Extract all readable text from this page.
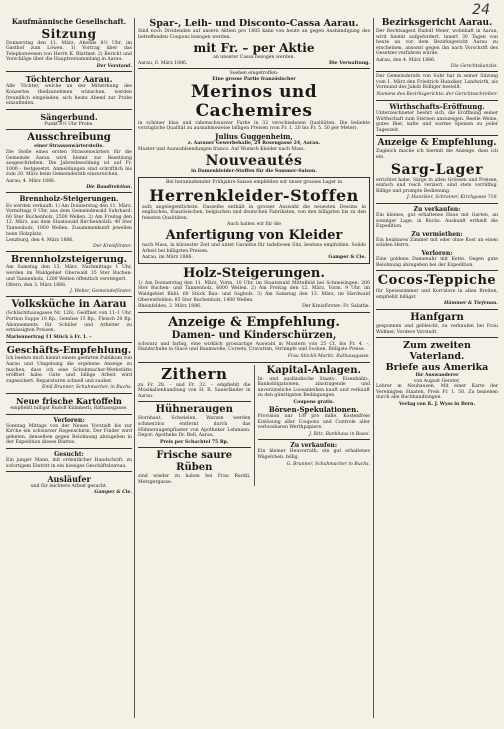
24
Kaufmännische Gesellschaft.
Sitzung

Donnerstag den 11. März, Abends 8½ Uhr, im Gasthof zum Löwen. 1) Vortrag über das Telephonwesen von Herrn K. Blattner. 2) Bericht und Vorschläge über die Hauptversammlung in Aarau.

Der Vorstand.
Töchterchor Aarau.

Alle Töchter, welche an der Mitwirkung des Konzertes theilzunehmen wünschen, werden freundlich eingeladen, sich heute Abend zur Probe einzufinden.

Sängerbund.
Punkt 8½ Uhr Probe.
Ausschreibung
einer Strassenwärterstelle.

Die Stelle eines ersten Strassenwärters für die Gemeinde Aarau wird hiemit zur Besetzung ausgeschrieben. Die Jahresbesoldung ist auf Fr. 1000.– festgesetzt. Anmeldungen sind schriftlich bis zum 20. März beim Gemeinderath einzureichen.

Aarau, 4. März 1886.
Die Baudirektion.
Brennholz-Steigerungen.

Es werden verkauft: 1) Am Donnerstag den 11. März, Vormittags 9 Uhr, aus dem Gemeindewald Suhrhard: 60 Ster Buchenholz, 2500 Wellen. 2) Am Freitag den 12. März, aus dem Staatswald Birchenhölzli: 40 Ster Tannenholz, 1800 Wellen. Zusammenkunft jeweilen beim Holzplatz.

Lenzburg, den 4. März 1886.
Der Kreisförster.
Brennholzsteigerung.

Am Samstag den 13. März, Nachmittags 1 Uhr, werden im Waldgebiet Oberwald 35 Ster Buchen- und Tannenholz, 1200 Wellen öffentlich versteigert.

Oltern, den 3. März 1886.
J. Weber, Gemeindeförster.
Volksküche in Aarau

(Schlachthausgasse Nr. 126). Geöffnet von 11–1 Uhr. Portion Suppe 10 Rp., Gemüse 15 Rp., Fleisch 20 Rp. Abonnements für Schüler und Arbeiter zu ermässigten Preisen.

Mariennertrag 11 Stück à Fr. 1. –
Geschäfts-Empfehlung.

Ich beehre mich hiemit einem geehrten Publikum von Aarau und Umgebung die ergebene Anzeige zu machen, dass ich eine Schuhmacher-Werkstätte eröffnet habe. Gute und billige Arbeit wird zugesichert. Reparaturen schnell und sauber.

Emil Brunner, Schuhmacher, in Buchs.
Neue frische Kartoffeln
empfiehlt billigst Rudolf Kümmerli, Rathausgasse.
Verloren:

Sonntag Mittags von der Neuen Vorstadt bis zur Kirche ein schwarzer Regenschirm. Der Finder wird gebeten, denselben gegen Belohnung abzugeben in der Expedition dieses Blattes.

Gesucht:

Ein junger Mann, mit ordentlicher Handschrift, zu sofortigem Eintritt in ein hiesiges Geschäftsbureau.

Ausläufer
und für leichtere Arbeit gesucht.
Gamper & Cie.
Spar-, Leih- und Disconto-Cassa Aarau.

Sind noch Dividenden auf unsern Aktien pro 1885 kann von heute an gegen Aushändigung des betreffenden Coupons bezogen werden.

mit Fr. – per Aktie
an unserer Cassa bezogen werden.
Aarau, 6. März 1886.	Die Verwaltung.
Soeben eingetroffen:
Eine grosse Partie französischer
Merinos und Cachemires

in schöner blau und rabenschwarzer Farbe in 32 verschiedenen Qualitäten. Die beliebte vorzügliche Qualität zu ausnahmsweise billigen Preisen (von Fr. 1. 20 bis Fr. 5. 50 per Meter).

Julius Guggenheim,
z. Aarauer Gewerbehalle, 24 Rosengasse 24, Aarau.

Muster und Auswahlsendungen franco. Auf Wunsch Kleider nach Mass.

Nouveautés
in Damenkleider-Stoffen für die Sommer-Saison.
Bei herannahender Frühjahrs-Saison empfehlen wir unser grosses Lager in
Herrenkleider-Stoffen

aufs angelegentlichste. Dasselbe enthält in grosser Auswahl die neuesten Dessins in englischen, französischen, belgischen und deutschen Fabrikaten, von den billigsten bis zu den feinsten Qualitäten.

Auch halten wir für die
Anfertigung von Kleider

nach Mass, in kürzester Zeit und unter Garantie für tadellosen Sitz, bestens empfohlen. Solide Arbeit bei billigsten Preisen.

Aarau, im März 1886.	Gamper & Cie.
Holz-Steigerungen.

1) Am Donnerstag den 11. März, Vorm. 10 Uhr, im Staatswald Mittelfeld bei Schneisingen: 200 Ster Buchen- und Tannenholz, 6000 Wellen. 2) Am Freitag den 12. März, Vorm. 9 Uhr, im Waldgebiet Bühl: 60 Stück Bau- und Sagholz. 3) Am Samstag den 13. März, im Hardwald Oberentfelden: 85 Ster Buchenholz, 1400 Wellen.

Rheinfelden, 2. März 1886.	Der Kreisförster: Fr. Salathe.
Anzeige & Empfehlung.
Damen- und Kinderschürzen,

schwarz und farbig, eine wirklich grossartige Auswahl in Mustern von 25 Ct. bis Fr. 4. –, Handschuhe in Glacé und Baumwolle, Corsets, Cravatten, Strümpfe und Socken. Billigste Preise.

Frau Stöckli-Maritz, Rathausgasse.
Zithern

zu Fr. 28. – und Fr. 32. – empfiehlt die Musikalienhandlung von H. R. Sauerländer in Aarau.

Hühneraugen

Hornhaut, Schwielen, Warzen werden schmerzlos entfernt durch das Hühneraugenpflaster von Apotheker Lehmann. Depot: Apotheke Dr. Bell, Aarau.

Preis per Schachtel 75 Rp.
Frische saure Rüben

sind wieder zu haben bei Frau Ruckli, Metzgergasse.

Kapital-Anlagen.

In- und ausländische Staats-, Eisenbahn-, Bankobligationen, zinstragende und unverzinsliche Loosanleihen kauft und verkauft zu den günstigsten Bedingungen

Coupons gratis.
Börsen-Spekulationen.

Provision nur 1/8 pro mille. Kostenfreie Einlösung aller Coupons und Controle aller verloosbaren Werthpapiere.

J. Ritz, Bankhaus in Basel.
Zu verkaufen:

Ein kleiner Heuvorrath, ein gut erhaltenes Wägelchen, billig.

G. Brunner, Schuhmacher in Buchs.
Bezirksgericht Aarau.

Der Rechtsagent Rudolf Meier, wohnhaft in Aarau, wird hiemit aufgefordert, innert 30 Tagen von heute an vor dem Bezirksgericht Aarau zu erscheinen, ansonst gegen ihn nach Vorschrift des Gesetzes verfahren würde.

Aarau, den 4. März 1886.
Die Gerichtskanzlei.

Der Gemeinderath von Suhr hat in seiner Sitzung vom 1. März den Friedrich Hunziker, Landwirth, als Vormund des Jakob Bolliger bestellt.

Namens des Bezirksgerichts: der Gerichtsschreiber.
Wirthschafts-Eröffnung.

Unterzeichneter beehrt sich, die Eröffnung seiner Wirthschaft zum Sternen anzuzeigen. Reelle Weine, gutes Bier, kalte und warme Speisen zu jeder Tageszeit.

Anzeige & Empfehlung.

Zugleich mache ich hiermit die Anzeige, dass ich ein

Sarg-Lager

errichtet habe. Särge in allen Grössen und Preisen, einfach und reich verziert, sind stets vorräthig. Billige und prompte Bedienung.

J. Hunziker, Schreiner, Kirchgasse 716.
Zu verkaufen:

Ein kleines, gut erhaltenes Haus mit Garten, an sonniger Lage, in Buchs. Auskunft ertheilt die Expedition.

Zu vermiethen:

Ein heizbares Zimmer mit oder ohne Kost an einen soliden Herrn.

Verloren:

Eine goldene Damenuhr mit Kette. Gegen gute Belohnung abzugeben bei der Expedition.

Cocos-Teppiche

für Speisezimmer und Korridore in allen Breiten, empfiehlt billigst

Hämmer & Tiefenau.
Hanfgarn

gesponnen und gebleicht, zu verkaufen bei Frau Widmer, Vordere Vorstadt.

Zum zweiten Vaterland.
Briefe aus Amerika
für Auswanderer
von August Gerster,

Lehrer in Neuhausen. Mit einer Karte der Vereinigten Staaten. Preis Fr. 1. 50. Zu beziehen durch alle Buchhandlungen.

Verlag von K. J. Wyss in Bern.
